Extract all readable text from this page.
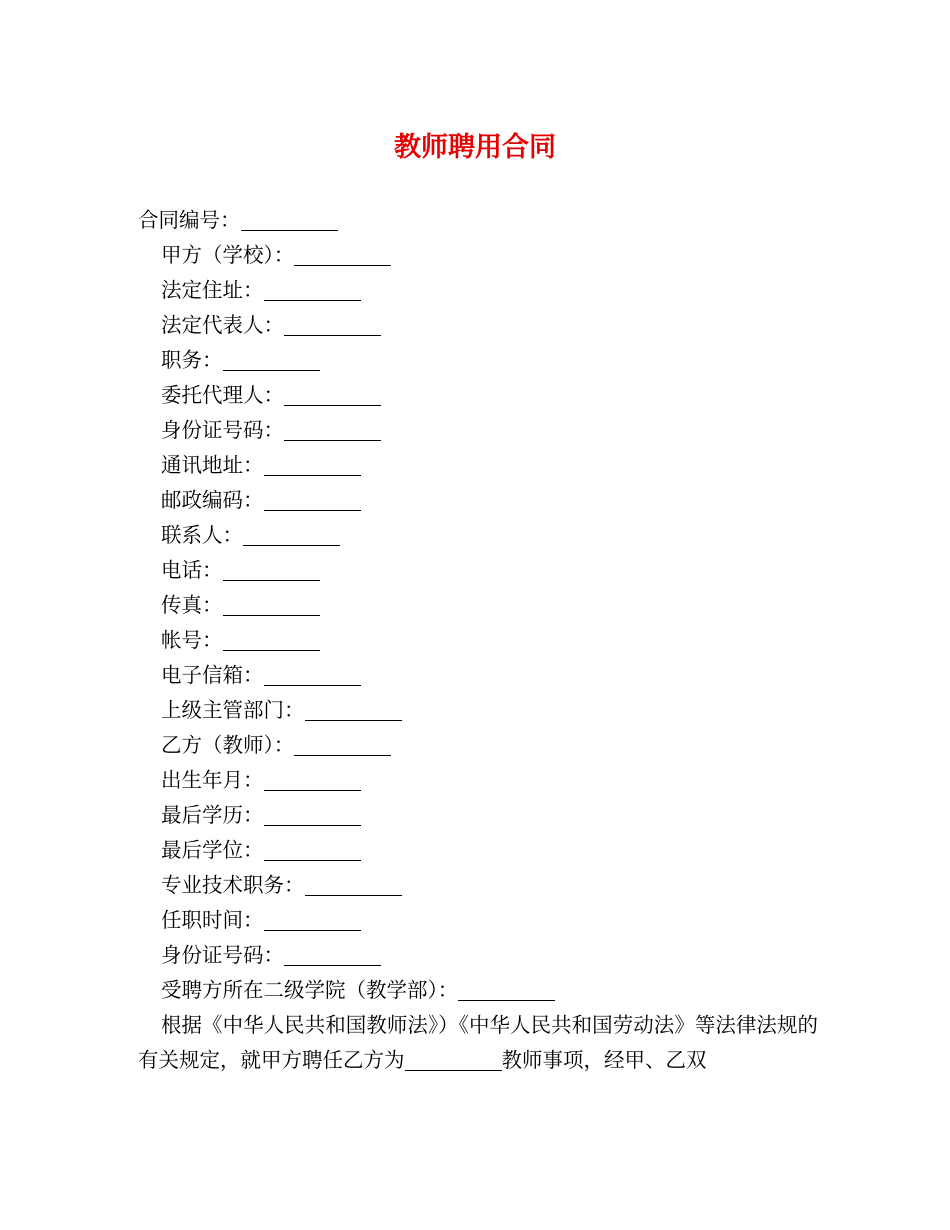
教师聘用合同
合同编号：
甲方（学校）：
法定住址：
法定代表人：
职务：
委托代理人：
身份证号码：
通讯地址：
邮政编码：
联系人：
电话：
传真：
帐号：
电子信箱：
上级主管部门：
乙方（教师）：
出生年月：
最后学历：
最后学位：
专业技术职务：
任职时间：
身份证号码：
受聘方所在二级学院（教学部）：
根据《中华人民共和国教师法》）《中华人民共和国劳动法》等法律法规的有关规定，就甲方聘任乙方为	教师事项，经甲、乙双
